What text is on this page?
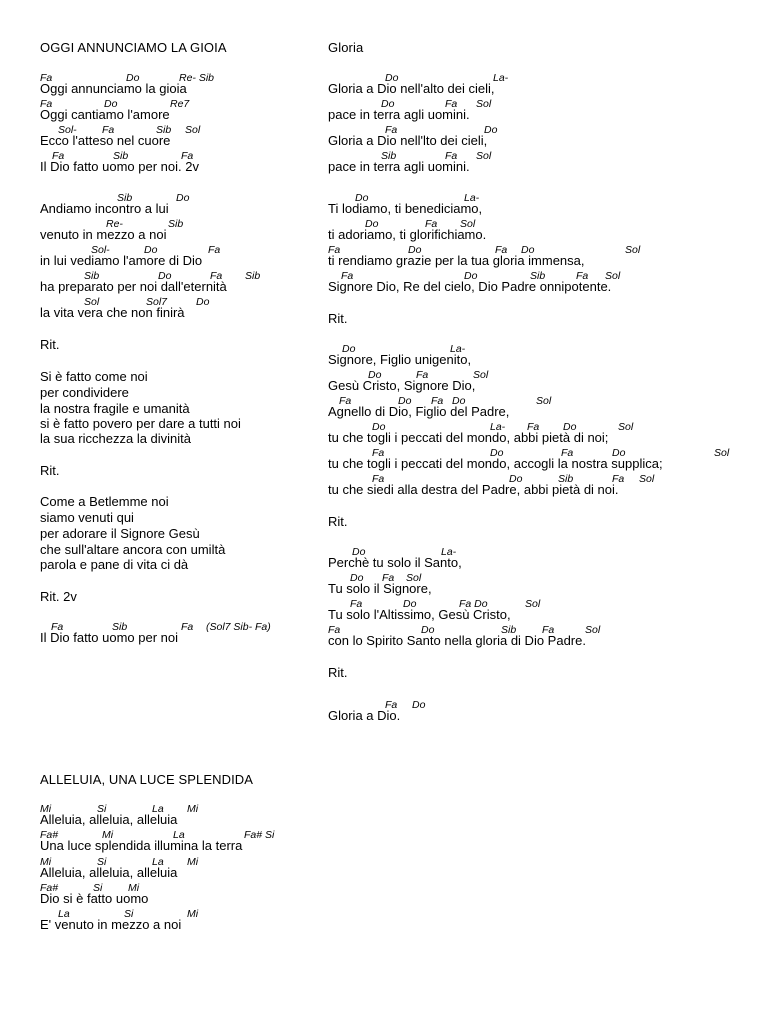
OGGI ANNUNCIAMO LA GIOIA
Fa	Do	Re- Sib
Oggi annunciamo la gioia
Fa	Do	Re7
Oggi cantiamo l'amore
Sol- Fa	Sib Sol
Ecco l'atteso nel cuore
Fa	Sib	Fa
Il Dio fatto uomo per noi. 2v
Sib	Do
Andiamo incontro a lui
Re-	Sib
venuto in mezzo a noi
Sol-	Do	Fa
in lui vediamo l'amore di Dio
Sib	Do	Fa Sib
ha preparato per noi dall'eternità
Sol	Sol7	Do
la vita vera che non finirà
Rit.
Si è fatto come noi
per condividere
la nostra fragile e umanità
si è fatto povero per dare a tutti noi
la sua ricchezza la divinità
Rit.
Come a Betlemme noi
siamo venuti qui
per adorare il Signore Gesù
che sull'altare ancora con umiltà
parola e pane di vita ci dà
Rit. 2v
Fa	Sib	Fa (Sol7 Sib- Fa)
Il Dio fatto uomo per noi
ALLELUIA, UNA LUCE SPLENDIDA
Mi	Si	La Mi
Alleluia, alleluia, alleluia
Fa#	Mi	La	Fa# Si
Una luce splendida illumina la terra
Mi	Si	La Mi
Alleluia, alleluia, alleluia
Fa#	Si Mi
Dio si è fatto uomo
La	Si	Mi
E' venuto in mezzo a noi
Gloria
Do	La-
Gloria a Dio nell'alto dei cieli,
Do	Fa Sol
pace in terra agli uomini.
Fa	Do
Gloria a Dio nell'lto dei cieli,
Sib	Fa Sol
pace in terra agli uomini.
Do	La-
Ti lodiamo, ti benediciamo,
Do	Fa Sol
ti adoriamo, ti glorifichiamo.
Fa	Do	Fa Do	Sol
ti rendiamo grazie per la tua gloria immensa,
Fa	Do	Sib	Fa Sol
Signore Dio, Re del cielo, Dio Padre onnipotente.
Rit.
Do	La-
Signore, Figlio unigenito,
Do	Fa	Sol
Gesù Cristo, Signore Dio,
Fa	Do Fa Do	Sol
Agnello di Dio, Figlio del Padre,
Do	La- Fa Do	Sol
tu che togli i peccati del mondo, abbi pietà di noi;
Fa	Do	Fa	Do	Sol
tu che togli i peccati del mondo, accogli la nostra supplica;
Fa	Do	Sib	Fa Sol
tu che siedi alla destra del Padre, abbi pietà di noi.
Rit.
Do	La-
Perchè tu solo il Santo,
Do Fa Sol
Tu solo il Signore,
Fa	Do	Fa Do	Sol
Tu solo l'Altissimo, Gesù Cristo,
Fa	Do	Sib Fa	Sol
con lo Spirito Santo nella gloria di Dio Padre.
Rit.
Fa Do
Gloria a Dio.
